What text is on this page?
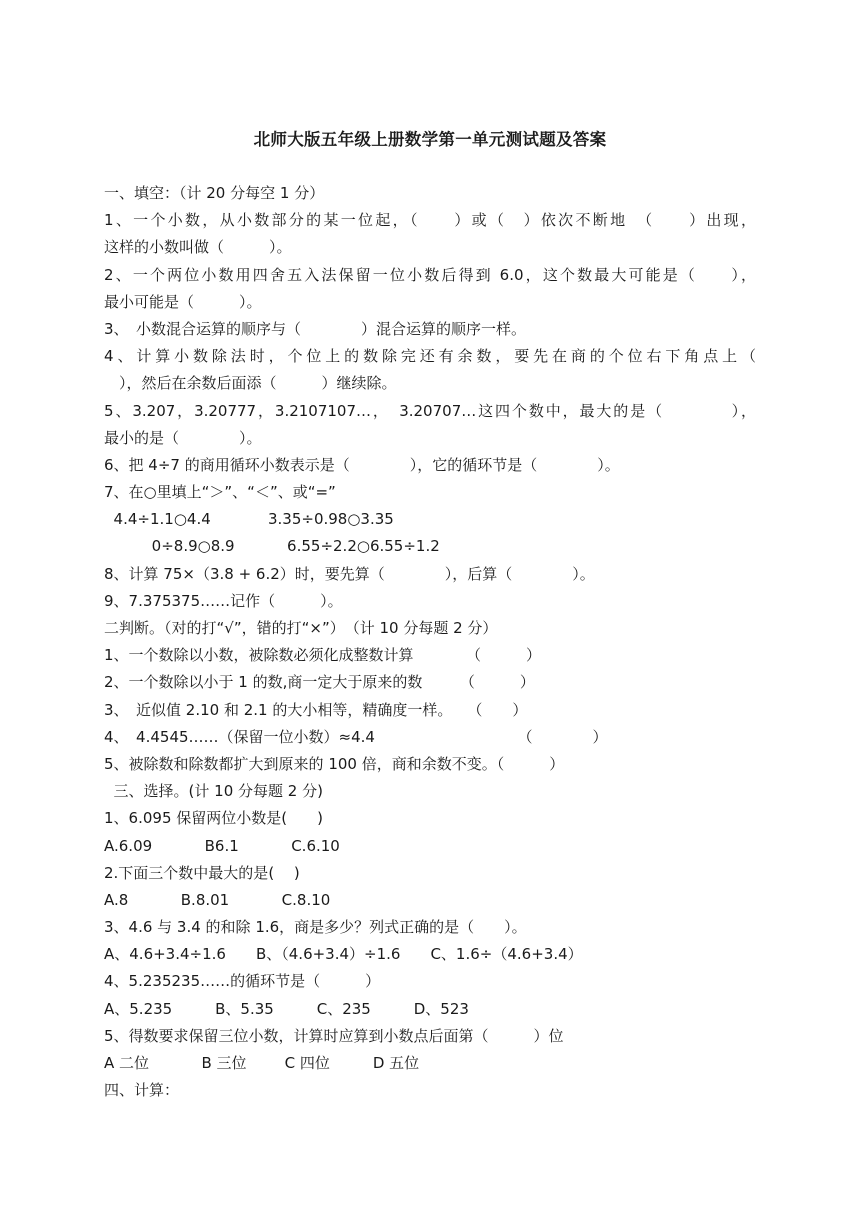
北师大版五年级上册数学第一单元测试题及答案
一、填空：（计 20 分每空 1 分）
1、一个小数，从小数部分的某一位起，（　　）或（　）依次不断地　（　　）出现，
这样的小数叫做（　　　）。
2、一个两位小数用四舍五入法保留一位小数后得到 6.0，这个数最大可能是（　　），
最小可能是（　　　）。
3、　小数混合运算的顺序与（　　　　）混合运算的顺序一样。
4、计算小数除法时，个位上的数除完还有余数，要先在商的个位右下角点上（
　），然后在余数后面添（　　　）继续除。
5、3.207，3.20777，3.2107107…，　3.20707…这四个数中，最大的是（　　　　），
最小的是（　　　　）。
6、把 4÷7 的商用循环小数表示是（　　　　），它的循环节是（　　　　）。
7、在○里填上“＞”、“＜”、或“=”
4.4÷1.1○4.4            3.35÷0.98○3.35
0÷8.9○8.9           6.55÷2.2○6.55÷1.2
8、计算 75×（3.8 + 6.2）时，要先算（　　　　），后算（　　　　）。
9、7.375375……记作（　　　）。
二判断。（对的打“√”，错的打“×”）　（计 10 分每题 2 分）
1、一个数除以小数，被除数必须化成整数计算　　　　（　　　）
2、一个数除以小于 1 的数,商一定大于原来的数　　　（　　　）
3、　近似值 2.10 和 2.1 的大小相等，精确度一样。　　（　　）
4、　4.4545……（保留一位小数）≈4.4　　　　　　　　　　（　　　　）
5、被除数和除数都扩大到原来的 100 倍，商和余数不变。（　　　）
三、选择。(计 10 分每题 2 分)
1、6.095 保留两位小数是(　　)
A.6.09           B6.1           C.6.10
2.下面三个数中最大的是(　 )
A.8           B.8.01           C.8.10
3、4.6 与 3.4 的和除 1.6，商是多少？列式正确的是（　　）。
A、4.6+3.4÷1.6　　B、（4.6+3.4）÷1.6　　C、1.6÷（4.6+3.4）
4、5.235235……的循环节是（　　　）
A、5.235         B、5.35         C、235         D、523
5、得数要求保留三位小数，计算时应算到小数点后面第（　　　）位
A 二位           B 三位        C 四位         D 五位
四、计算：
